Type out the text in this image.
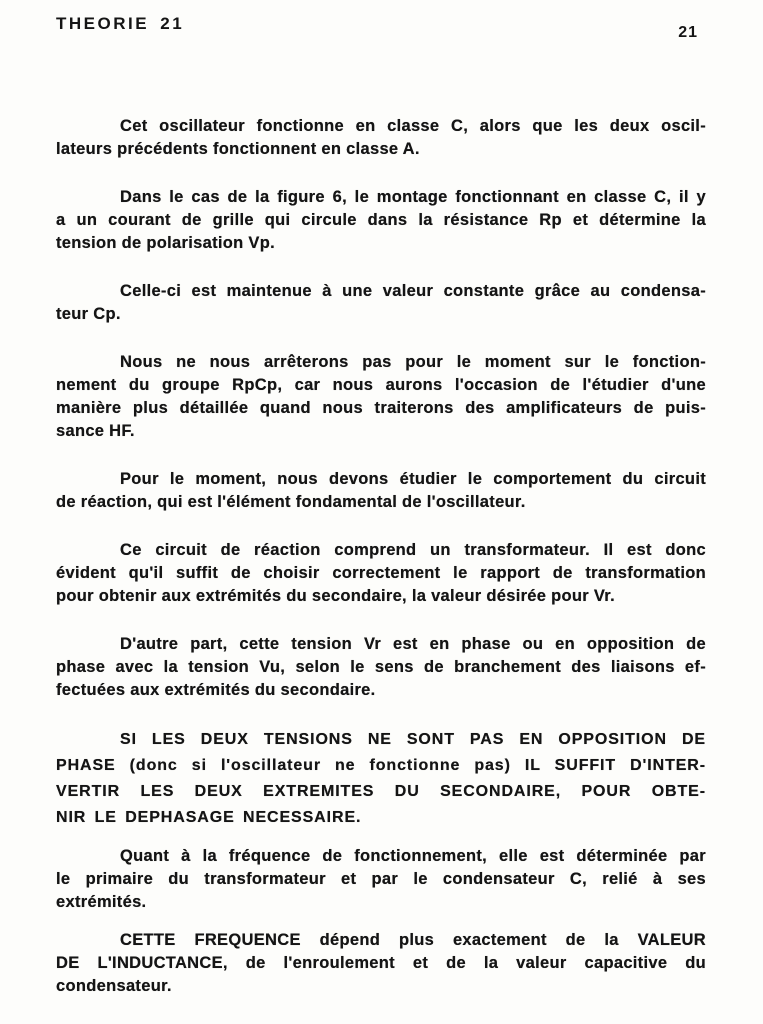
THEORIE 21	21
Cet oscillateur fonctionne en classe C, alors que les deux oscil-
lateurs précédents fonctionnent en classe A.
Dans le cas de la figure 6, le montage fonctionnant en classe C, il y
a un courant de grille qui circule dans la résistance Rp et détermine la
tension de polarisation Vp.
Celle-ci est maintenue à une valeur constante grâce au condensa-
teur Cp.
Nous ne nous arrêterons pas pour le moment sur le fonction-
nement du groupe RpCp, car nous aurons l'occasion de l'étudier d'une
manière plus détaillée quand nous traiterons des amplificateurs de puis-
sance HF.
Pour le moment, nous devons étudier le comportement du circuit
de réaction, qui est l'élément fondamental de l'oscillateur.
Ce circuit de réaction comprend un transformateur. Il est donc
évident qu'il suffit de choisir correctement le rapport de transformation
pour obtenir aux extrémités du secondaire, la valeur désirée pour Vr.
D'autre part, cette tension Vr est en phase ou en opposition de
phase avec la tension Vu, selon le sens de branchement des liaisons ef-
fectuées aux extrémités du secondaire.
SI LES DEUX TENSIONS NE SONT PAS EN OPPOSITION DE
PHASE (donc si l'oscillateur ne fonctionne pas) IL SUFFIT D'INTER-
VERTIR LES DEUX EXTREMITES DU SECONDAIRE, POUR OBTE-
NIR LE DEPHASAGE NECESSAIRE.
Quant à la fréquence de fonctionnement, elle est déterminée par
le primaire du transformateur et par le condensateur C, relié à ses
extrémités.
CETTE FREQUENCE dépend plus exactement de la VALEUR
DE L'INDUCTANCE, de l'enroulement et de la valeur capacitive du
condensateur.
